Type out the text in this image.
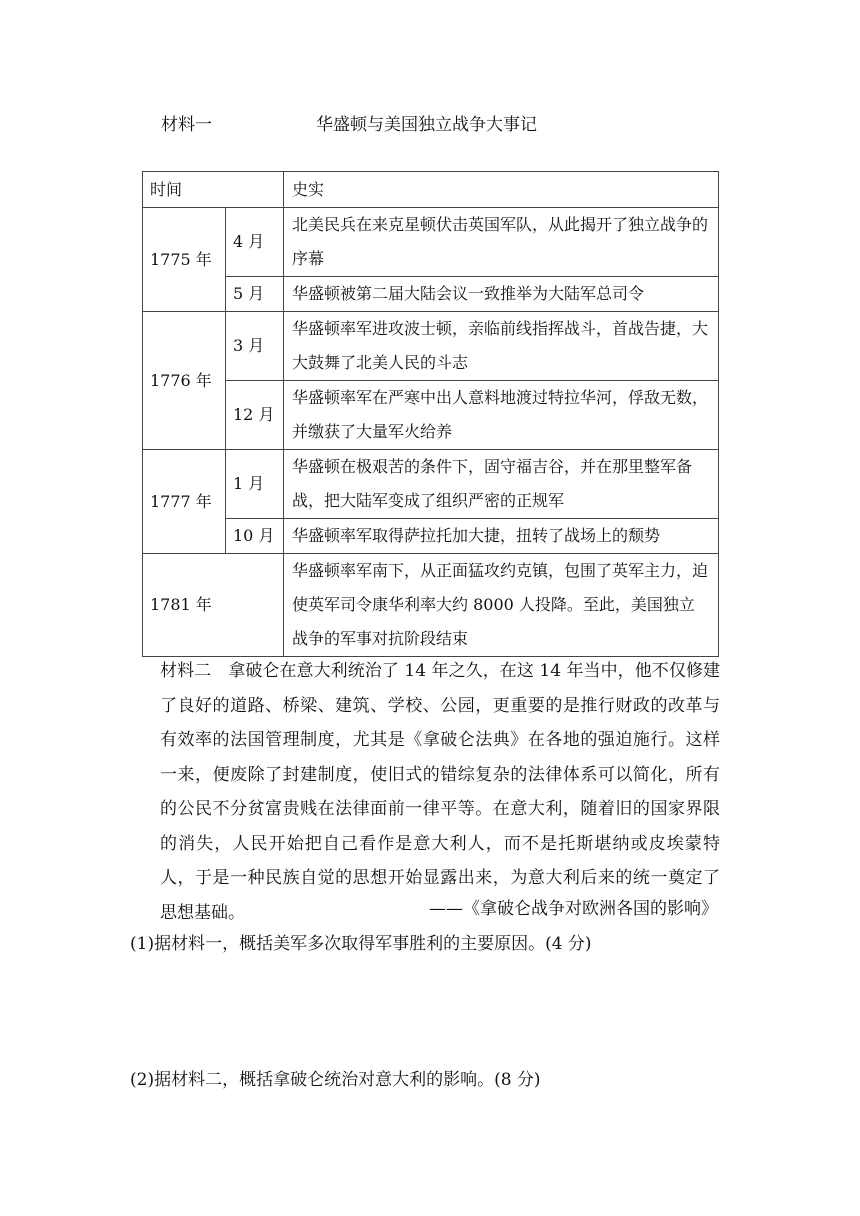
材料一	华盛顿与美国独立战争大事记
时间		史实
1775 年	4 月	北美民兵在来克星顿伏击英国军队，从此揭开了独立战争的序幕
	5 月	华盛顿被第二届大陆会议一致推举为大陆军总司令
1776 年	3 月	华盛顿率军进攻波士顿，亲临前线指挥战斗，首战告捷，大大鼓舞了北美人民的斗志
	12 月	华盛顿率军在严寒中出人意料地渡过特拉华河，俘敌无数，并缴获了大量军火给养
1777 年	1 月	华盛顿在极艰苦的条件下，固守福吉谷，并在那里整军备战，把大陆军变成了组织严密的正规军
	10 月	华盛顿率军取得萨拉托加大捷，扭转了战场上的颓势
1781 年		华盛顿率军南下，从正面猛攻约克镇，包围了英军主力，迫使英军司令康华利率大约 8000 人投降。至此，美国独立战争的军事对抗阶段结束
材料二　 拿破仑在意大利统治了 14 年之久，在这 14 年当中，他不仅修建了良好的道路、桥梁、建筑、学校、公园，更重要的是推行财政的改革与有效率的法国管理制度，尤其是《拿破仑法典》在各地的强迫施行。这样一来，便废除了封建制度，使旧式的错综复杂的法律体系可以简化，所有的公民不分贫富贵贱在法律面前一律平等。在意大利，随着旧的国家界限的消失，人民开始把自己看作是意大利人，而不是托斯堪纳或皮埃蒙特人，于是一种民族自觉的思想开始显露出来，为意大利后来的统一奠定了思想基础。	——《拿破仑战争对欧洲各国的影响》
(1)据材料一，概括美军多次取得军事胜利的主要原因。(4 分)
(2)据材料二，概括拿破仑统治对意大利的影响。(8 分)
